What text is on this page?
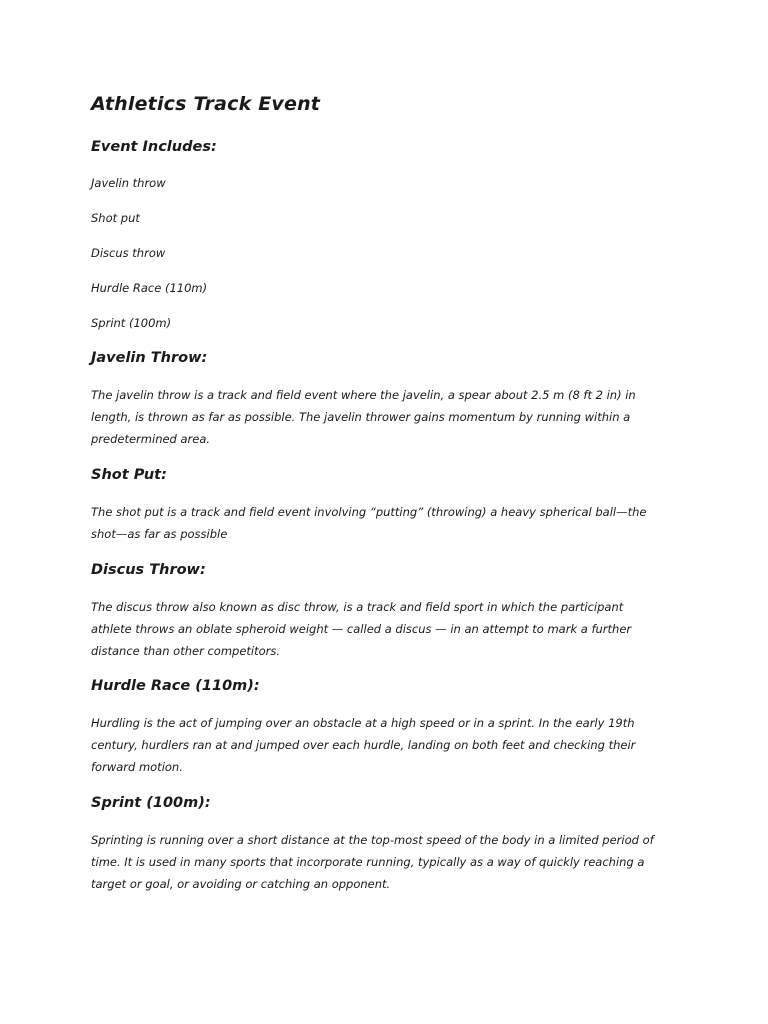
Athletics Track Event
Event Includes:
Javelin throw
Shot put
Discus throw
Hurdle Race (110m)
Sprint (100m)
Javelin Throw:

The javelin throw is a track and field event where the javelin, a spear about 2.5 m (8 ft 2 in) in length, is thrown as far as possible. The javelin thrower gains momentum by running within a predetermined area.

Shot Put:

The shot put is a track and field event involving “putting” (throwing) a heavy spherical ball—the shot—as far as possible

Discus Throw:

The discus throw also known as disc throw, is a track and field sport in which the participant athlete throws an oblate spheroid weight — called a discus — in an attempt to mark a further distance than other competitors.

Hurdle Race (110m):

Hurdling is the act of jumping over an obstacle at a high speed or in a sprint. In the early 19th century, hurdlers ran at and jumped over each hurdle, landing on both feet and checking their forward motion.

Sprint (100m):

Sprinting is running over a short distance at the top-most speed of the body in a limited period of time. It is used in many sports that incorporate running, typically as a way of quickly reaching a target or goal, or avoiding or catching an opponent.
